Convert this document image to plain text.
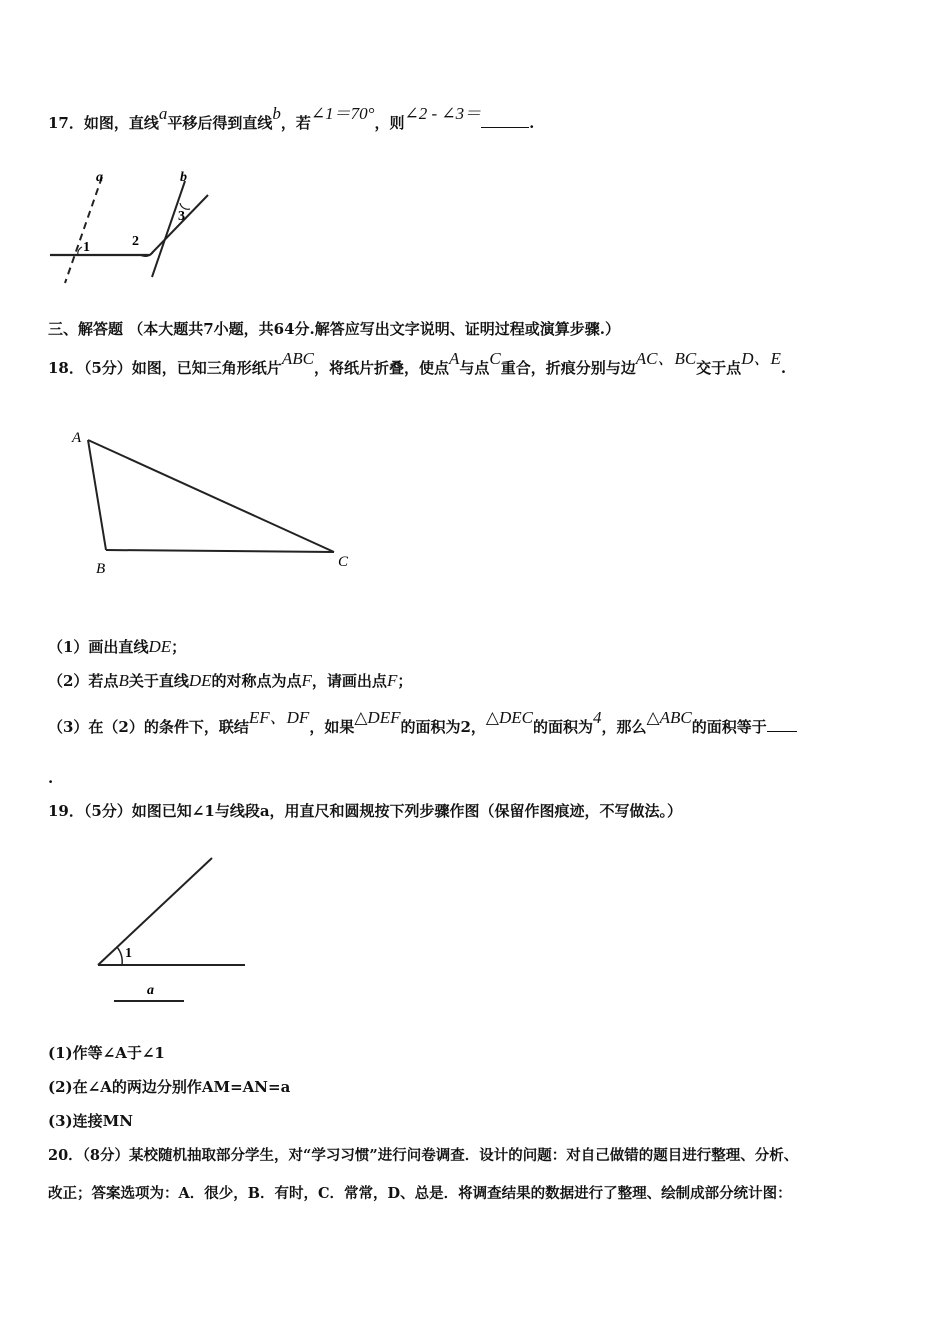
17．如图，直线a平移后得到直线b，若∠1＝70°，则∠2 - ∠3＝	.
a	b
1	2
3
三、解答题 （本大题共7小题，共64分.解答应写出文字说明、证明过程或演算步骤.）
18．（5分）如图，已知三角形纸片ABC，将纸片折叠，使点A与点C重合，折痕分别与边AC、BC交于点D、E.
A
B	C
（1）画出直线DE；
（2）若点B关于直线DE的对称点为点F，请画出点F；
（3）在（2）的条件下，联结EF、DF，如果△DEF的面积为2，△DEC的面积为4，那么△ABC的面积等于
.
19．（5分）如图已知∠1与线段a，用直尺和圆规按下列步骤作图（保留作图痕迹，不写做法。）
1
a
(1)作等∠A于∠1
(2)在∠A的两边分别作AM=AN=a
(3)连接MN
20．（8分）某校随机抽取部分学生，对“学习习惯”进行问卷调查．设计的问题：对自己做错的题目进行整理、分析、
改正；答案选项为：A．很少，B．有时，C．常常，D、总是．将调查结果的数据进行了整理、绘制成部分统计图：
